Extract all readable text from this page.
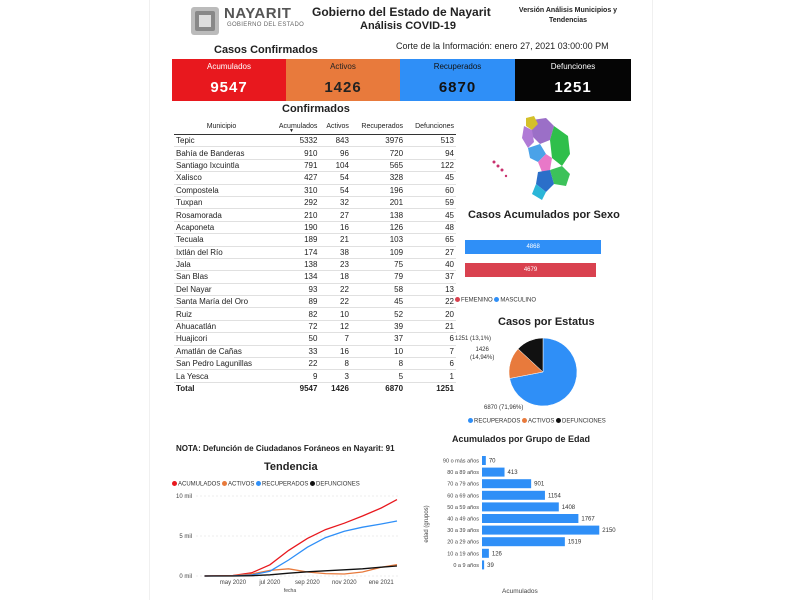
NAYARIT
GOBIERNO DEL ESTADO
Gobierno del Estado de Nayarit
Análisis COVID-19
Versión Análisis Municipios y Tendencias
Casos Confirmados	Corte de la Información: enero 27, 2021 03:00:00 PM
Acumulados
9547
Activos
1426
Recuperados
6870
Defunciones
1251
Confirmados
Municipio	▼
Acumulados	Activos	Recuperados	Defunciones
Tepic	5332	843	3976	513
Bahía de Banderas	910	96	720	94
Santiago Ixcuintla	791	104	565	122
Xalisco	427	54	328	45
Compostela	310	54	196	60
Tuxpan	292	32	201	59
Rosamorada	210	27	138	45
Acaponeta	190	16	126	48
Tecuala	189	21	103	65
Ixtlán del Río	174	38	109	27
Jala	138	23	75	40
San Blas	134	18	79	37
Del Nayar	93	22	58	13
Santa María del Oro	89	22	45	22
Ruiz	82	10	52	20
Ahuacatlán	72	12	39	21
Huajicori	50	7	37	6
Amatlán de Cañas	33	16	10	7
San Pedro Lagunillas	22	8	8	6
La Yesca	9	3	5	1
Total	9547	1426	6870	1251
Casos Acumulados por Sexo
4868
4679
FEMENINO MASCULINO
Casos por Estatus
1251 (13,1%)
1426
(14,94%)
6870 (71,96%)
RECUPERADOS ACTIVOS DEFUNCIONES
NOTA: Defunción de Ciudadanos Foráneos en Nayarit: 91
Tendencia
ACUMULADOS ACTIVOS RECUPERADOS DEFUNCIONES
0 mil
5 mil
10 mil
may 2020 jul 2020 sep 2020 nov 2020 ene 2021
fecha
Acumulados por Grupo de Edad
90 o más años 70
80 a 89 años	413
70 a 79 años	901
60 a 69 años	1154
50 a 59 años	1408
40 a 49 años	1767
30 a 39 años	2150
20 a 29 años	1519
10 a 19 años 126
0 a 9 años 39
edad (grupos)
Acumulados
